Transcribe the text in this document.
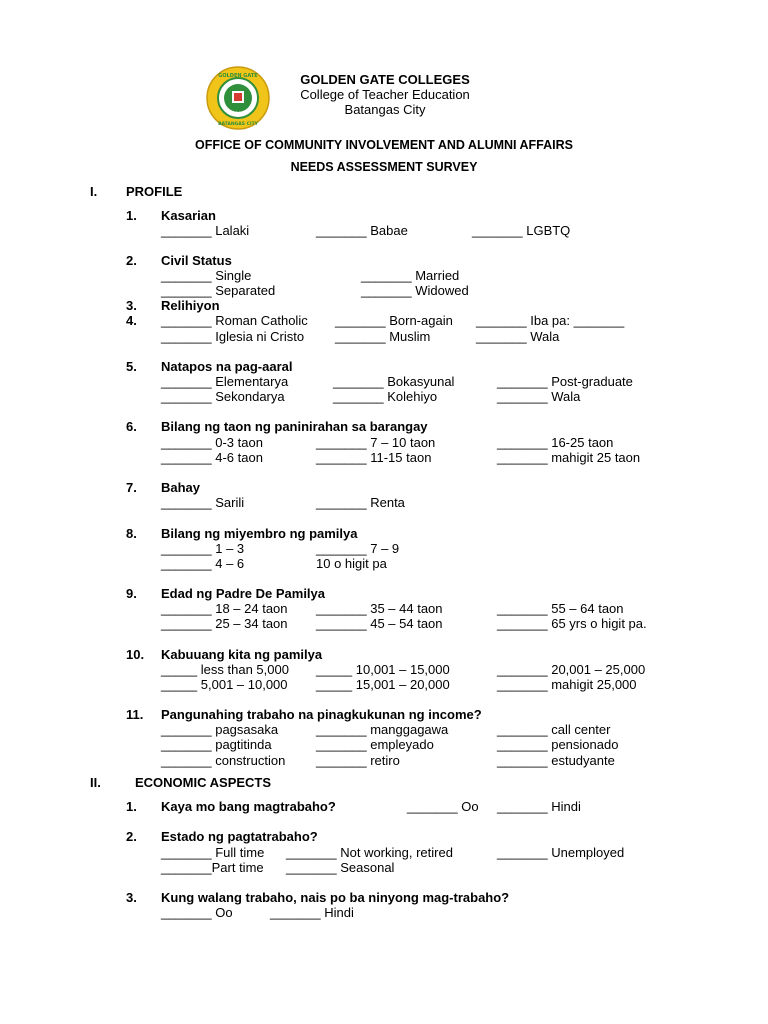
GOLDEN GATE
BATANGAS CITY
1946
GOLDEN GATE COLLEGES
College of Teacher Education
Batangas City
OFFICE OF COMMUNITY INVOLVEMENT AND ALUMNI AFFAIRS
NEEDS ASSESSMENT SURVEY
I. PROFILE
1. Kasarian
_______ Lalaki	_______ Babae	_______ LGBTQ
2. Civil Status
_______ Single	_______ Married
_______ Separated	_______ Widowed
3. Relihiyon
4. _______ Roman Catholic _______ Born-again _______ Iba pa: _______
_______ Iglesia ni Cristo _______ Muslim	_______ Wala
5. Natapos na pag-aaral
_______ Elementarya	_______ Bokasyunal	_______ Post-graduate
_______ Sekondarya	_______ Kolehiyo	_______ Wala
6. Bilang ng taon ng paninirahan sa barangay
_______ 0-3 taon	_______ 7 – 10 taon	_______ 16-25 taon
_______ 4-6 taon	_______ 11-15 taon	_______ mahigit 25 taon
7. Bahay
_______ Sarili	_______ Renta
8. Bilang ng miyembro ng pamilya
_______ 1 – 3	_______ 7 – 9
_______ 4 – 6	10 o higit pa
9. Edad ng Padre De Pamilya
_______ 18 – 24 taon _______ 35 – 44 taon	_______ 55 – 64 taon
_______ 25 – 34 taon _______ 45 – 54 taon	_______ 65 yrs o higit pa.
10. Kabuuang kita ng pamilya
_____ less than 5,000 _____ 10,001 – 15,000	_______ 20,001 – 25,000
_____ 5,001 – 10,000 _____ 15,001 – 20,000	_______ mahigit 25,000
11. Pangunahing trabaho na pinagkukunan ng income?
_______ pagsasaka	_______ manggagawa	_______ call center
_______ pagtitinda	_______ empleyado	_______ pensionado
_______ construction _______ retiro	_______ estudyante
II.	ECONOMIC ASPECTS
1. Kaya mo bang magtrabaho?	_______ Oo _______ Hindi
2. Estado ng pagtatrabaho?
_______ Full time _______ Not working, retired	_______ Unemployed
_______Part time _______ Seasonal
3. Kung walang trabaho, nais po ba ninyong mag-trabaho?
_______ Oo	_______ Hindi
